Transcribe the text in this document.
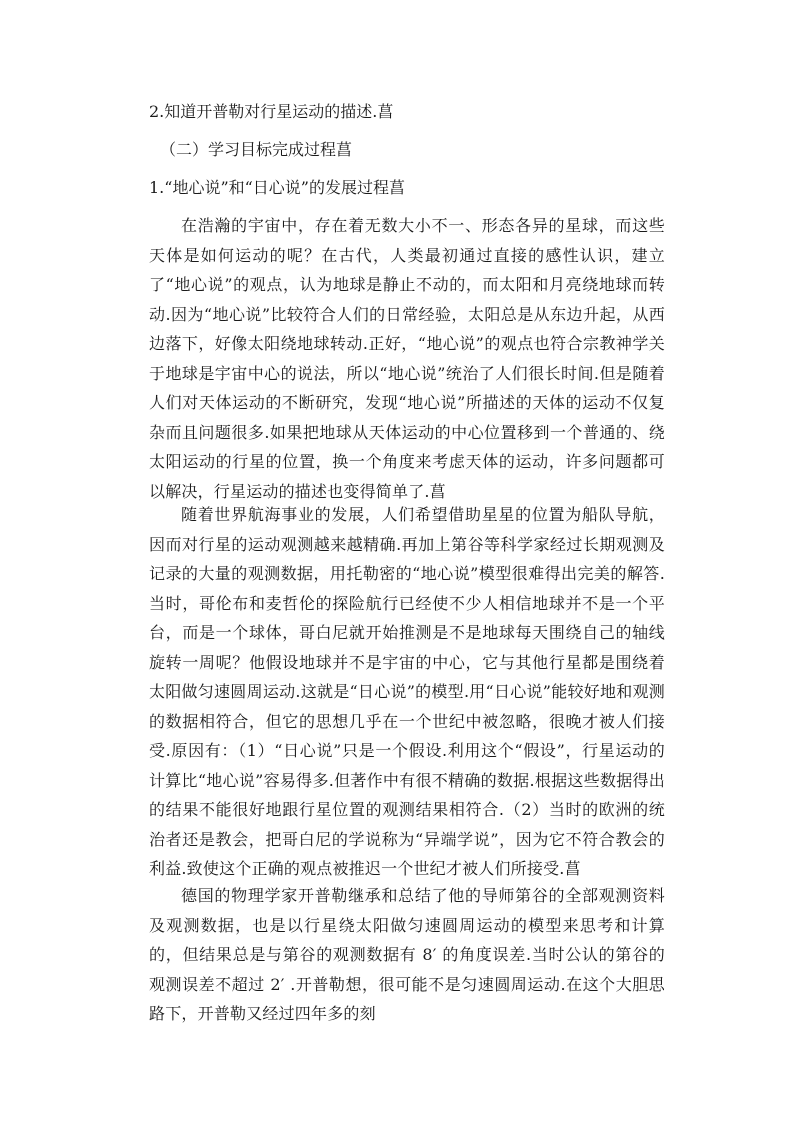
2.知道开普勒对行星运动的描述.菖
（二）学习目标完成过程菖
1.“地心说”和“日心说”的发展过程菖

在浩瀚的宇宙中，存在着无数大小不一、形态各异的星球，而这些天体是如何运动的呢？在古代，人类最初通过直接的感性认识，建立了“地心说”的观点，认为地球是静止不动的，而太阳和月亮绕地球而转动.因为“地心说”比较符合人们的日常经验，太阳总是从东边升起，从西边落下，好像太阳绕地球转动.正好，“地心说”的观点也符合宗教神学关于地球是宇宙中心的说法，所以“地心说”统治了人们很长时间.但是随着人们对天体运动的不断研究，发现“地心说”所描述的天体的运动不仅复杂而且问题很多.如果把地球从天体运动的中心位置移到一个普通的、绕太阳运动的行星的位置，换一个角度来考虑天体的运动，许多问题都可以解决，行星运动的描述也变得简单了.菖

随着世界航海事业的发展，人们希望借助星星的位置为船队导航，因而对行星的运动观测越来越精确.再加上第谷等科学家经过长期观测及记录的大量的观测数据，用托勒密的“地心说”模型很难得出完美的解答.当时，哥伦布和麦哲伦的探险航行已经使不少人相信地球并不是一个平台，而是一个球体，哥白尼就开始推测是不是地球每天围绕自己的轴线旋转一周呢？他假设地球并不是宇宙的中心，它与其他行星都是围绕着太阳做匀速圆周运动.这就是“日心说”的模型.用“日心说”能较好地和观测的数据相符合，但它的思想几乎在一个世纪中被忽略，很晚才被人们接受.原因有：（1）“日心说”只是一个假设.利用这个“假设”，行星运动的计算比“地心说”容易得多.但著作中有很不精确的数据.根据这些数据得出的结果不能很好地跟行星位置的观测结果相符合.（2）当时的欧洲的统治者还是教会，把哥白尼的学说称为“异端学说”，因为它不符合教会的利益.致使这个正确的观点被推迟一个世纪才被人们所接受.菖

德国的物理学家开普勒继承和总结了他的导师第谷的全部观测资料及观测数据，也是以行星绕太阳做匀速圆周运动的模型来思考和计算的，但结果总是与第谷的观测数据有 8′ 的角度误差.当时公认的第谷的观测误差不超过 2′ .开普勒想，很可能不是匀速圆周运动.在这个大胆思路下，开普勒又经过四年多的刻
